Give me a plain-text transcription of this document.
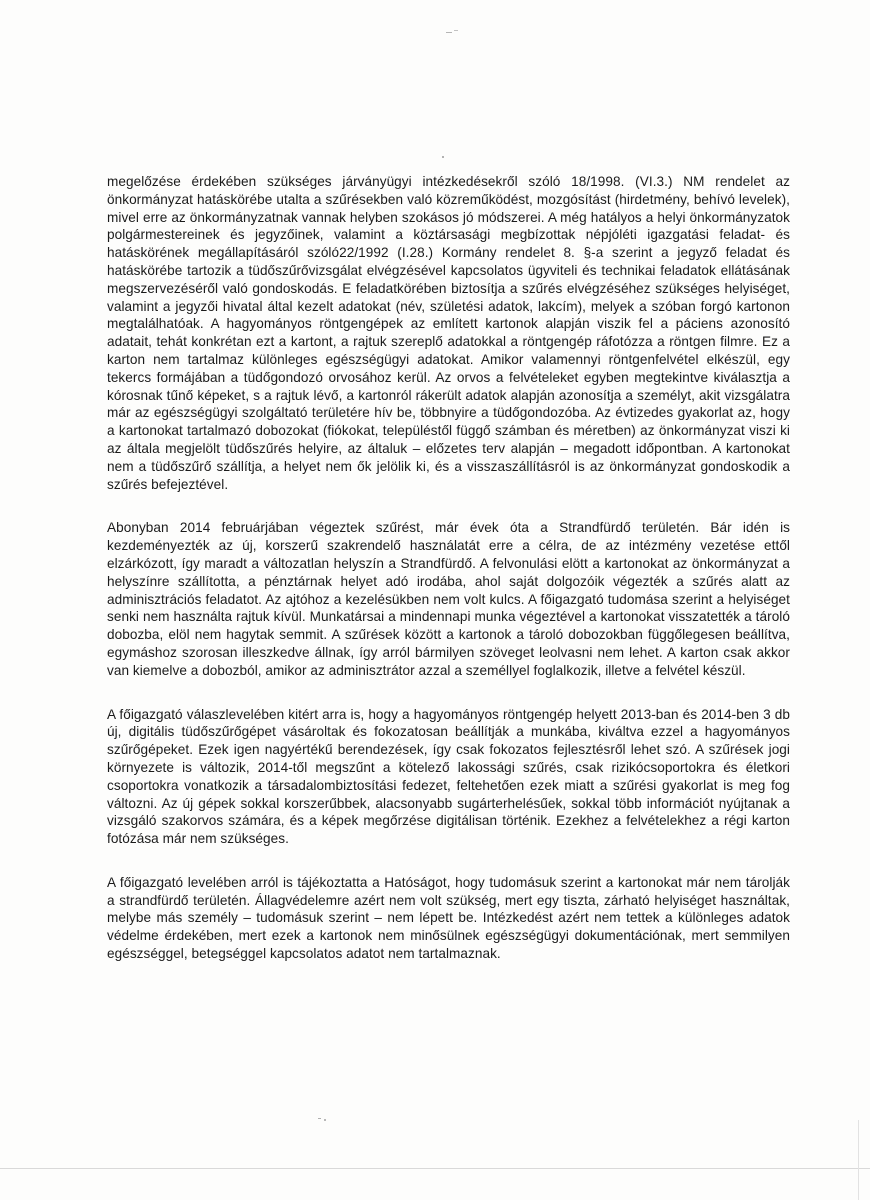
megelőzése érdekében szükséges járványügyi intézkedésekről szóló 18/1998. (VI.3.) NM rendelet az önkormányzat hatáskörébe utalta a szűrésekben való közreműködést, mozgósítást (hirdetmény, behívó levelek), mivel erre az önkormányzatnak vannak helyben szokásos jó módszerei. A még hatályos a helyi önkormányzatok polgármestereinek és jegyzőinek, valamint a köztársasági megbízottak népjóléti igazgatási feladat- és hatáskörének megállapításáról szóló22/1992 (I.28.) Kormány rendelet 8. §-a szerint a jegyző feladat és hatáskörébe tartozik a tüdőszűrővizsgálat elvégzésével kapcsolatos ügyviteli és technikai feladatok ellátásának megszervezéséről való gondoskodás. E feladatkörében biztosítja a szűrés elvégzéséhez szükséges helyiséget, valamint a jegyzői hivatal által kezelt adatokat (név, születési adatok, lakcím), melyek a szóban forgó kartonon megtalálhatóak. A hagyományos röntgengépek az említett kartonok alapján viszik fel a páciens azonosító adatait, tehát konkrétan ezt a kartont, a rajtuk szereplő adatokkal a röntgengép ráfotózza a röntgen filmre. Ez a karton nem tartalmaz különleges egészségügyi adatokat. Amikor valamennyi röntgenfelvétel elkészül, egy tekercs formájában a tüdőgondozó orvosához kerül. Az orvos a felvételeket egyben megtekintve kiválasztja a kórosnak tűnő képeket, s a rajtuk lévő, a kartonról rákerült adatok alapján azonosítja a személyt, akit vizsgálatra már az egészségügyi szolgáltató területére hív be, többnyire a tüdőgondozóba. Az évtizedes gyakorlat az, hogy a kartonokat tartalmazó dobozokat (fiókokat, településtől függő számban és méretben) az önkormányzat viszi ki az általa megjelölt tüdőszűrés helyire, az általuk – előzetes terv alapján – megadott időpontban. A kartonokat nem a tüdőszűrő szállítja, a helyet nem ők jelölik ki, és a visszaszállításról is az önkormányzat gondoskodik a szűrés befejeztével.

Abonyban 2014 februárjában végeztek szűrést, már évek óta a Strandfürdő területén. Bár idén is kezdeményezték az új, korszerű szakrendelő használatát erre a célra, de az intézmény vezetése ettől elzárkózott, így maradt a változatlan helyszín a Strandfürdő. A felvonulási elött a kartonokat az önkormányzat a helyszínre szállította, a pénztárnak helyet adó irodába, ahol saját dolgozóik végezték a szűrés alatt az adminisztrációs feladatot. Az ajtóhoz a kezelésükben nem volt kulcs. A főigazgató tudomása szerint a helyiséget senki nem használta rajtuk kívül. Munkatársai a mindennapi munka végeztével a kartonokat visszatették a tároló dobozba, elöl nem hagytak semmit. A szűrések között a kartonok a tároló dobozokban függőlegesen beállítva, egymáshoz szorosan illeszkedve állnak, így arról bármilyen szöveget leolvasni nem lehet. A karton csak akkor van kiemelve a dobozból, amikor az adminisztrátor azzal a személlyel foglalkozik, illetve a felvétel készül.

A főigazgató válaszlevelében kitért arra is, hogy a hagyományos röntgengép helyett 2013-ban és 2014-ben 3 db új, digitális tüdőszűrőgépet vásároltak és fokozatosan beállítják a munkába, kiváltva ezzel a hagyományos szűrőgépeket. Ezek igen nagyértékű berendezések, így csak fokozatos fejlesztésről lehet szó. A szűrések jogi környezete is változik, 2014-től megszűnt a kötelező lakossági szűrés, csak rizikócsoportokra és életkori csoportokra vonatkozik a társadalombiztosítási fedezet, feltehetően ezek miatt a szűrési gyakorlat is meg fog változni. Az új gépek sokkal korszerűbbek, alacsonyabb sugárterhelésűek, sokkal több információt nyújtanak a vizsgáló szakorvos számára, és a képek megőrzése digitálisan történik. Ezekhez a felvételekhez a régi karton fotózása már nem szükséges.

A főigazgató levelében arról is tájékoztatta a Hatóságot, hogy tudomásuk szerint a kartonokat már nem tárolják a strandfürdő területén. Állagvédelemre azért nem volt szükség, mert egy tiszta, zárható helyiséget használtak, melybe más személy – tudomásuk szerint – nem lépett be. Intézkedést azért nem tettek a különleges adatok védelme érdekében, mert ezek a kartonok nem minősülnek egészségügyi dokumentációnak, mert semmilyen egészséggel, betegséggel kapcsolatos adatot nem tartalmaznak.
